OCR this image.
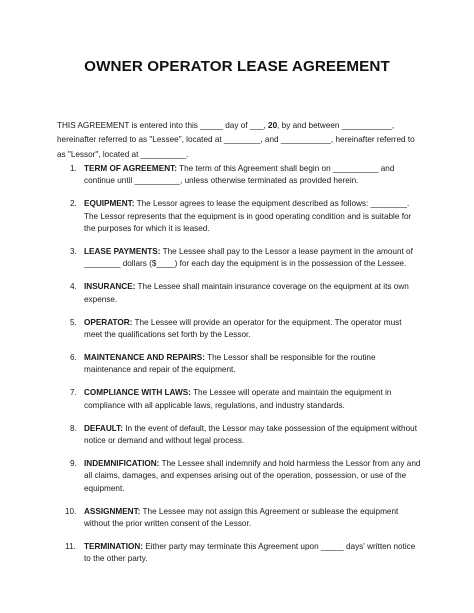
OWNER OPERATOR LEASE AGREEMENT
THIS AGREEMENT is entered into this _____ day of ___, 20, by and between ___________, hereinafter referred to as "Lessee", located at ________, and ___________, hereinafter referred to as "Lessor", located at __________.
1. TERM OF AGREEMENT: The term of this Agreement shall begin on __________ and continue until __________, unless otherwise terminated as provided herein.
2. EQUIPMENT: The Lessor agrees to lease the equipment described as follows: ________. The Lessor represents that the equipment is in good operating condition and is suitable for the purposes for which it is leased.
3. LEASE PAYMENTS: The Lessee shall pay to the Lessor a lease payment in the amount of ________ dollars ($____) for each day the equipment is in the possession of the Lessee.
4. INSURANCE: The Lessee shall maintain insurance coverage on the equipment at its own expense.
5. OPERATOR: The Lessee will provide an operator for the equipment. The operator must meet the qualifications set forth by the Lessor.
6. MAINTENANCE AND REPAIRS: The Lessor shall be responsible for the routine maintenance and repair of the equipment.
7. COMPLIANCE WITH LAWS: The Lessee will operate and maintain the equipment in compliance with all applicable laws, regulations, and industry standards.
8. DEFAULT: In the event of default, the Lessor may take possession of the equipment without notice or demand and without legal process.
9. INDEMNIFICATION: The Lessee shall indemnify and hold harmless the Lessor from any and all claims, damages, and expenses arising out of the operation, possession, or use of the equipment.
10. ASSIGNMENT: The Lessee may not assign this Agreement or sublease the equipment without the prior written consent of the Lessor.
11. TERMINATION: Either party may terminate this Agreement upon _____ days' written notice to the other party.
